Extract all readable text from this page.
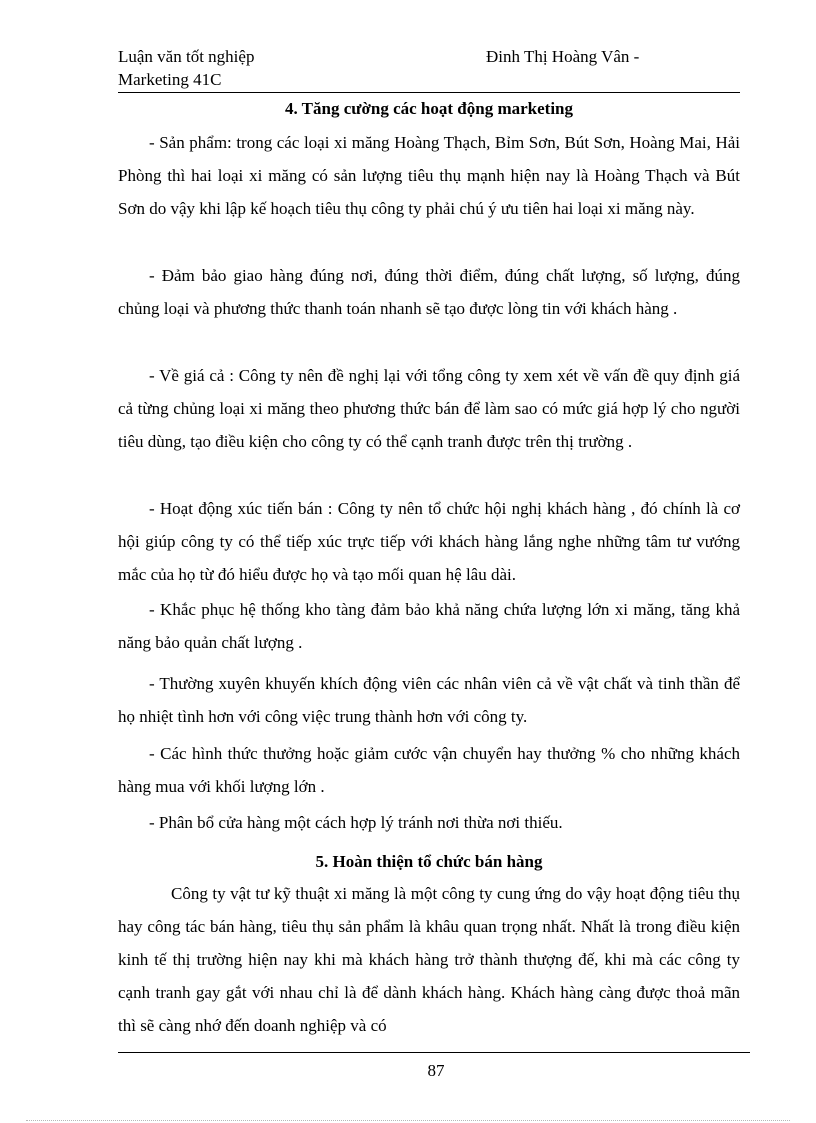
Luận văn tốt nghiệp
Marketing 41C
Đinh Thị Hoàng Vân -
4. Tăng cường các hoạt động marketing

- Sản phẩm: trong các loại xi măng Hoàng Thạch, Bỉm Sơn, Bút Sơn, Hoàng Mai, Hải Phòng thì hai loại xi măng có sản lượng tiêu thụ mạnh hiện nay là Hoàng Thạch và Bút Sơn do vậy khi lập kế hoạch tiêu thụ công ty phải chú ý ưu tiên hai loại xi măng này.

- Đảm bảo giao hàng đúng nơi, đúng thời điểm, đúng chất lượng, số lượng, đúng chủng loại và phương thức thanh toán nhanh sẽ tạo được lòng tin với khách hàng .

- Về giá cả : Công ty nên đề nghị lại với tổng công ty xem xét về vấn đề quy định giá cả từng chủng loại xi măng theo phương thức bán để làm sao có mức giá hợp lý cho người tiêu dùng, tạo điều kiện cho công ty có thể cạnh tranh được trên thị trường .

- Hoạt động xúc tiến bán : Công ty nên tổ chức hội nghị khách hàng , đó chính là cơ hội giúp công ty có thể tiếp xúc trực tiếp với khách hàng lắng nghe những tâm tư vướng mắc của họ từ đó hiểu được họ và tạo mối quan hệ lâu dài.

- Khắc phục hệ thống kho tàng đảm bảo khả năng chứa lượng lớn xi măng, tăng khả năng bảo quản chất lượng .

- Thường xuyên khuyến khích động viên các nhân viên cả về vật chất và tinh thần để họ nhiệt tình hơn với công việc trung thành hơn với công ty.

- Các hình thức thưởng hoặc giảm cước vận chuyển hay thưởng % cho những khách hàng mua với khối lượng lớn .

- Phân bổ cửa hàng một cách hợp lý tránh nơi thừa nơi thiếu.

5. Hoàn thiện tổ chức bán hàng

Công ty vật tư kỹ thuật xi măng là một công ty cung ứng do vậy hoạt động tiêu thụ hay công tác bán hàng, tiêu thụ sản phẩm là khâu quan trọng nhất. Nhất là trong điều kiện kinh tế thị trường hiện nay khi mà khách hàng trở thành thượng đế, khi mà các công ty cạnh tranh gay gắt với nhau chỉ là để dành khách hàng. Khách hàng càng được thoả mãn thì sẽ càng nhớ đến doanh nghiệp và có

87
